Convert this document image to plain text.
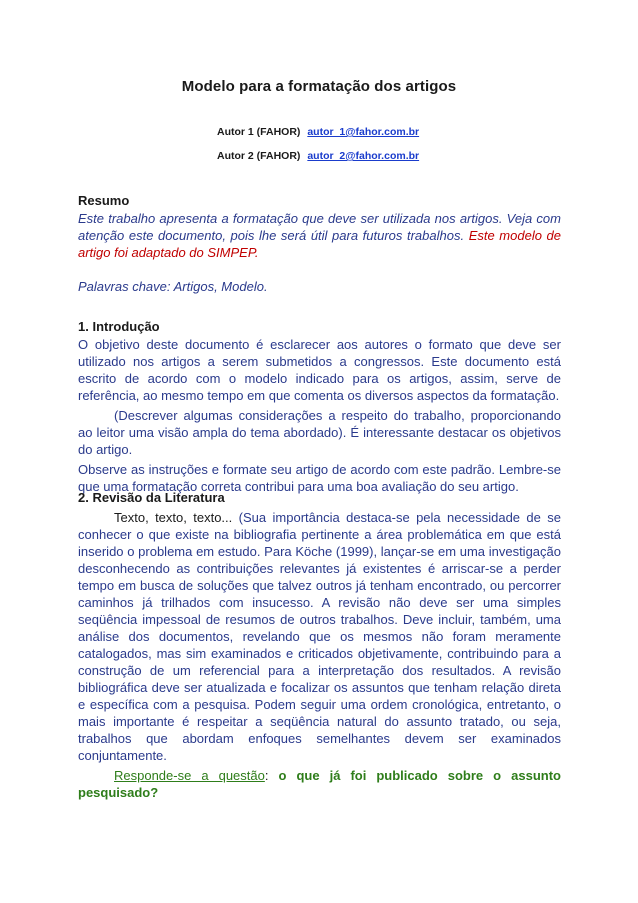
Modelo para a formatação dos artigos
Autor 1 (FAHOR) autor_1@fahor.com.br
Autor 2 (FAHOR) autor_2@fahor.com.br

Resumo

Este trabalho apresenta a formatação que deve ser utilizada nos artigos. Veja com atenção este documento, pois lhe será útil para futuros trabalhos. Este modelo de artigo foi adaptado do SIMPEP.

Palavras chave: Artigos, Modelo.

1. Introdução

O objetivo deste documento é esclarecer aos autores o formato que deve ser utilizado nos artigos a serem submetidos a congressos. Este documento está escrito de acordo com o modelo indicado para os artigos, assim, serve de referência, ao mesmo tempo em que comenta os diversos aspectos da formatação.

(Descrever algumas considerações a respeito do trabalho, proporcionando ao leitor uma visão ampla do tema abordado). É interessante destacar os objetivos do artigo.

Observe as instruções e formate seu artigo de acordo com este padrão. Lembre-se que uma formatação correta contribui para uma boa avaliação do seu artigo.

2. Revisão da Literatura

Texto, texto, texto... (Sua importância destaca-se pela necessidade de se conhecer o que existe na bibliografia pertinente a área problemática em que está inserido o problema em estudo. Para Köche (1999), lançar-se em uma investigação desconhecendo as contribuições relevantes já existentes é arriscar-se a perder tempo em busca de soluções que talvez outros já tenham encontrado, ou percorrer caminhos já trilhados com insucesso. A revisão não deve ser uma simples seqüência impessoal de resumos de outros trabalhos. Deve incluir, também, uma análise dos documentos, revelando que os mesmos não foram meramente catalogados, mas sim examinados e criticados objetivamente, contribuindo para a construção de um referencial para a interpretação dos resultados. A revisão bibliográfica deve ser atualizada e focalizar os assuntos que tenham relação direta e específica com a pesquisa. Podem seguir uma ordem cronológica, entretanto, o mais importante é respeitar a seqüência natural do assunto tratado, ou seja, trabalhos que abordam enfoques semelhantes devem ser examinados conjuntamente.

Responde-se a questão: o que já foi publicado sobre o assunto pesquisado?
